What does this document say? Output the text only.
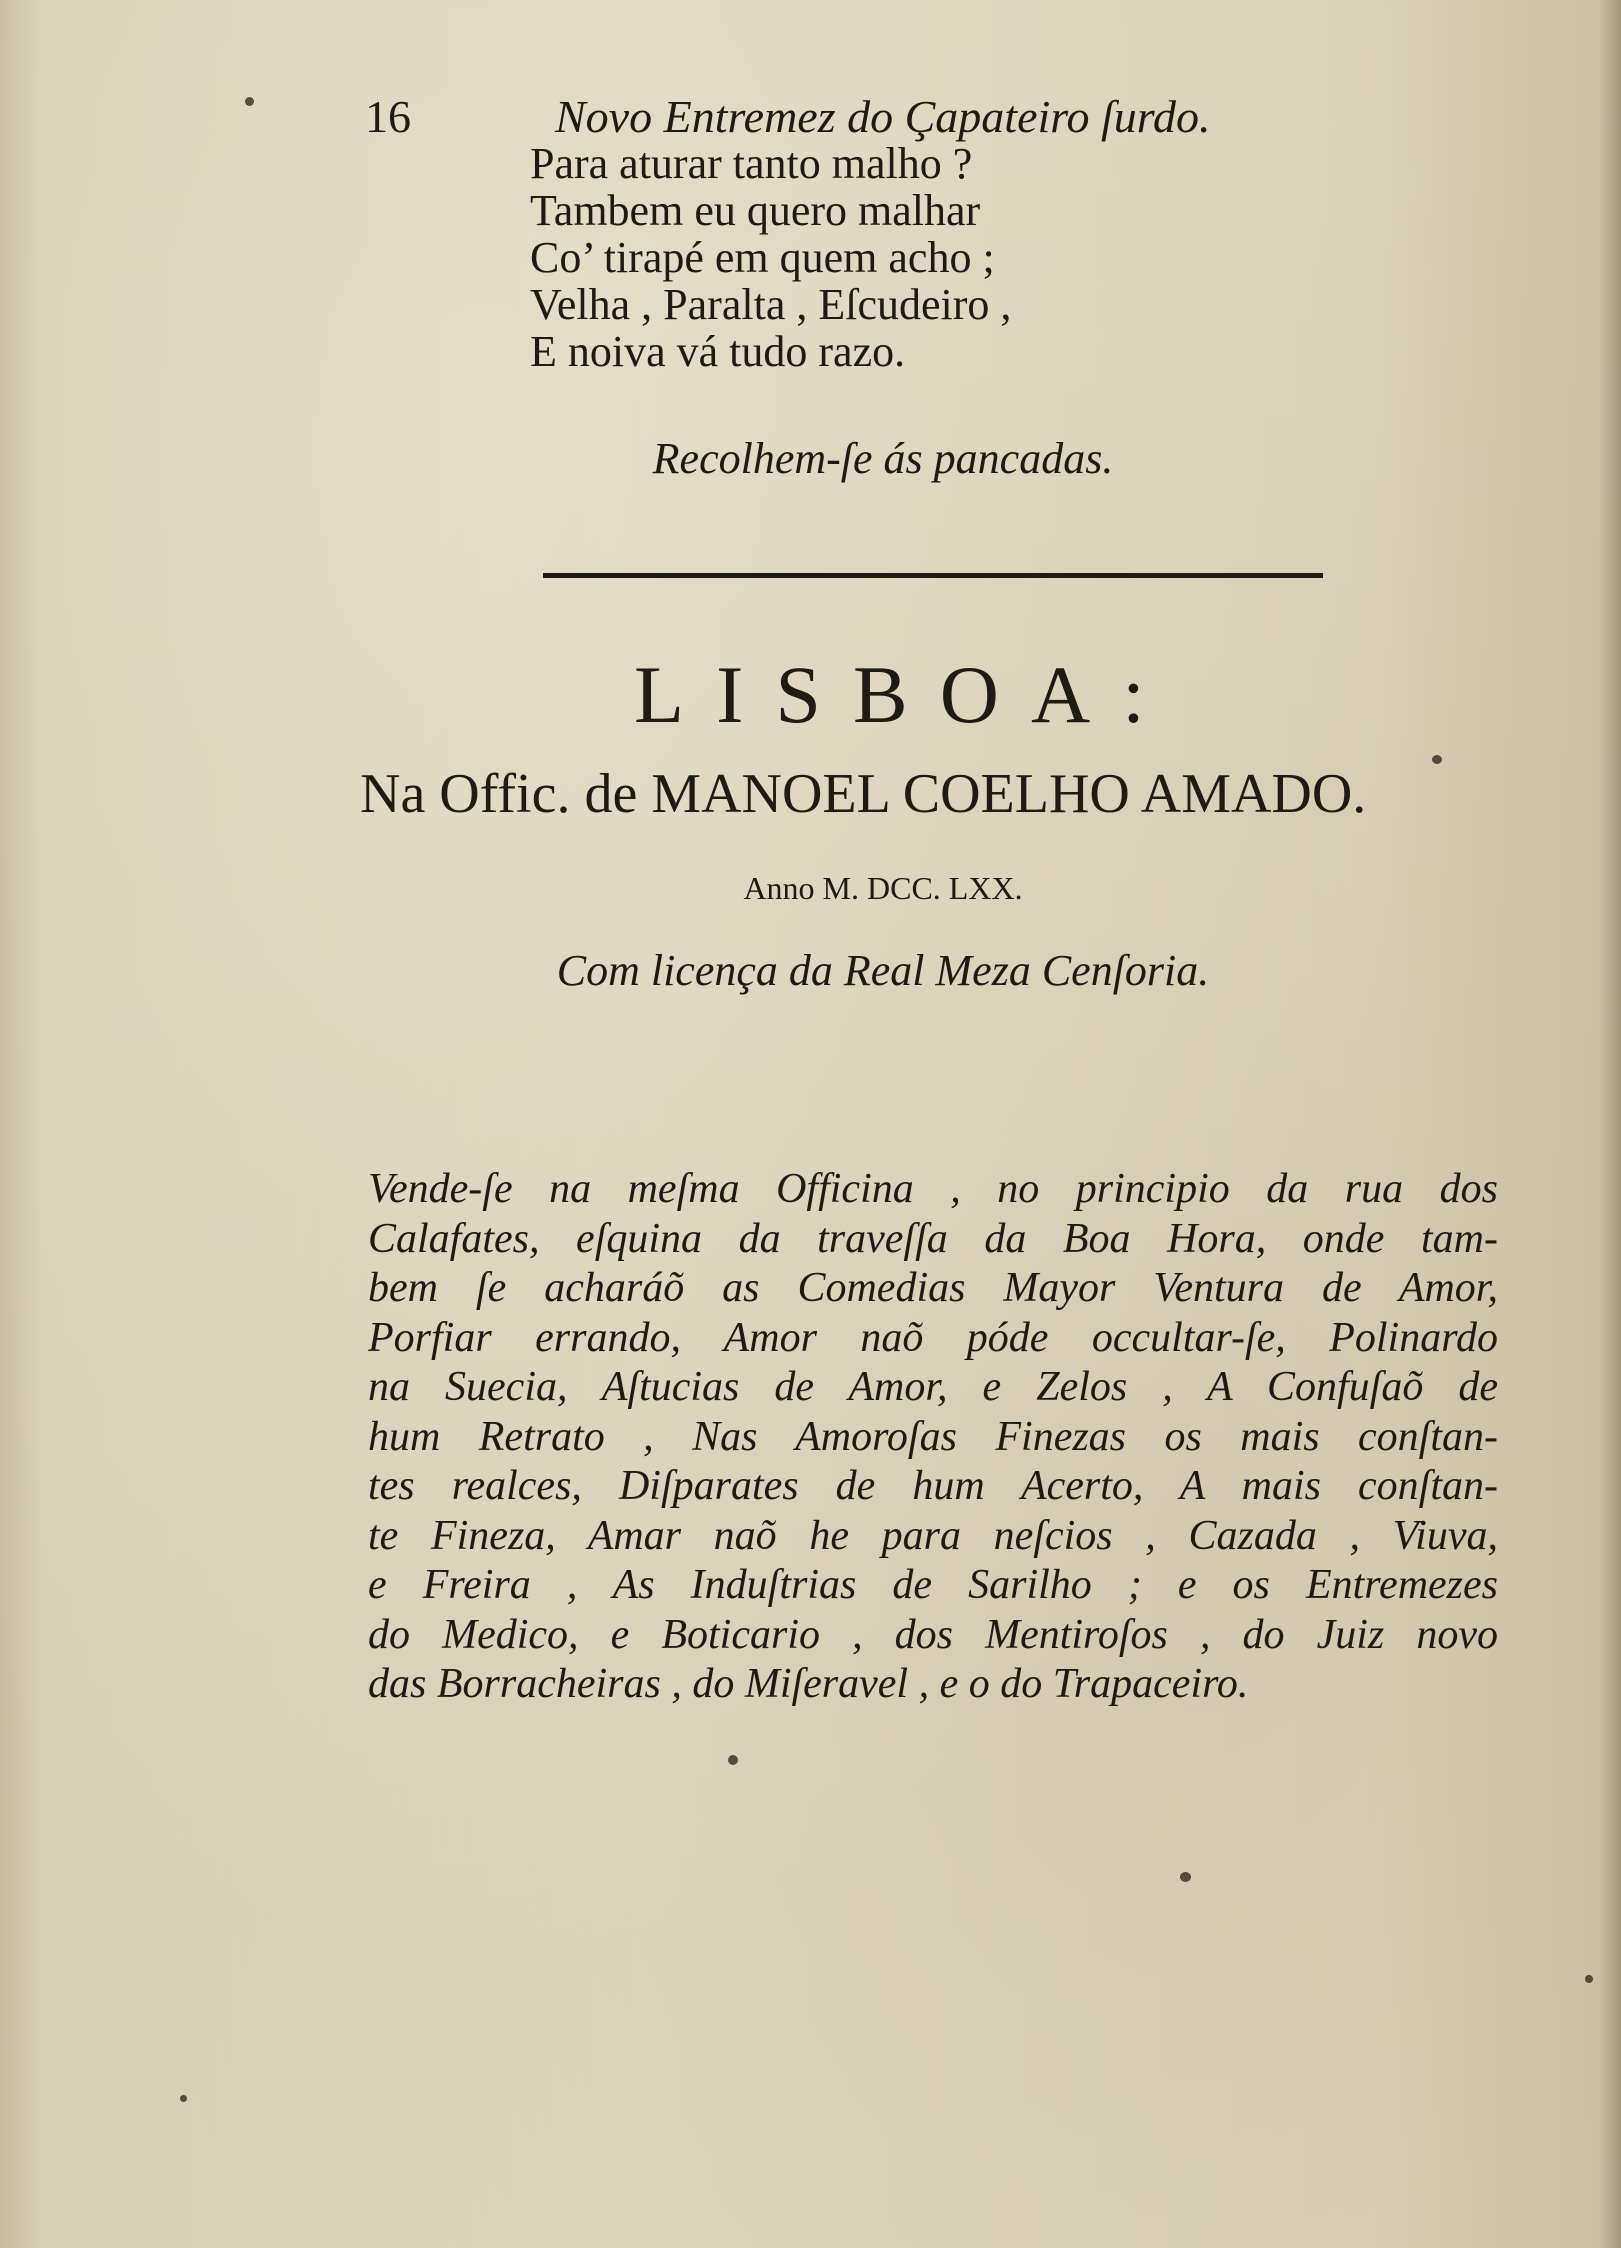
16	Novo Entremez do Çapateiro ſurdo.
Para aturar tanto malho ?
Tambem eu quero malhar
Co’ tirapé em quem acho ;
Velha , Paralta , Eſcudeiro ,
E noiva vá tudo razo.
Recolhem-ſe ás pancadas.
LISBOA:
Na Offic. de MANOEL COELHO AMADO.
Anno M. DCC. LXX.
Com licença da Real Meza Cenſoria.
Vende-ſe na meſma Officina , no principio da rua dos
Calafates, eſquina da traveſſa da Boa Hora, onde tam-
bem ſe acharáõ as Comedias Mayor Ventura de Amor,
Porfiar errando, Amor naõ póde occultar-ſe, Polinardo
na Suecia, Aſtucias de Amor, e Zelos , A Confuſaõ de
hum Retrato , Nas Amoroſas Finezas os mais conſtan-
tes realces, Diſparates de hum Acerto, A mais conſtan-
te Fineza, Amar naõ he para neſcios , Cazada , Viuva,
e Freira , As Induſtrias de Sarilho ; e os Entremezes
do Medico, e Boticario , dos Mentiroſos , do Juiz novo
das Borracheiras , do Miſeravel , e o do Trapaceiro.
